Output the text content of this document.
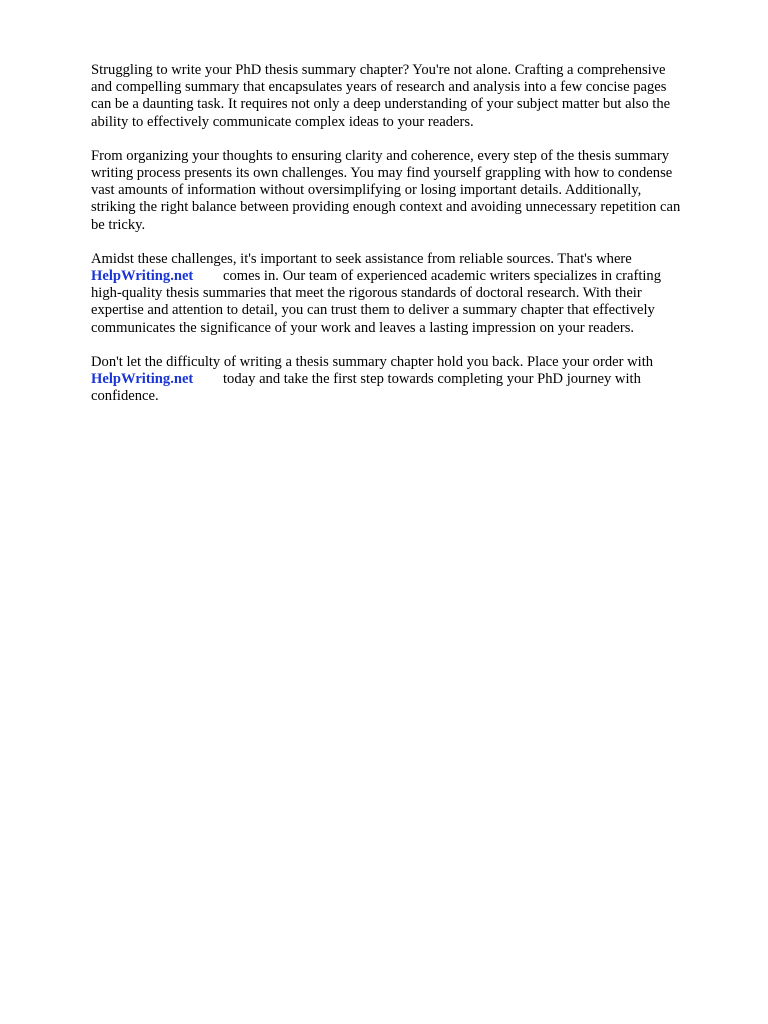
Struggling to write your PhD thesis summary chapter? You're not alone. Crafting a comprehensive
and compelling summary that encapsulates years of research and analysis into a few concise pages
can be a daunting task. It requires not only a deep understanding of your subject matter but also the
ability to effectively communicate complex ideas to your readers.

From organizing your thoughts to ensuring clarity and coherence, every step of the thesis summary
writing process presents its own challenges. You may find yourself grappling with how to condense
vast amounts of information without oversimplifying or losing important details. Additionally,
striking the right balance between providing enough context and avoiding unnecessary repetition can
be tricky.

Amidst these challenges, it's important to seek assistance from reliable sources. That's where
HelpWriting.net comes in. Our team of experienced academic writers specializes in crafting
high-quality thesis summaries that meet the rigorous standards of doctoral research. With their
expertise and attention to detail, you can trust them to deliver a summary chapter that effectively
communicates the significance of your work and leaves a lasting impression on your readers.

Don't let the difficulty of writing a thesis summary chapter hold you back. Place your order with
HelpWriting.net today and take the first step towards completing your PhD journey with
confidence.
